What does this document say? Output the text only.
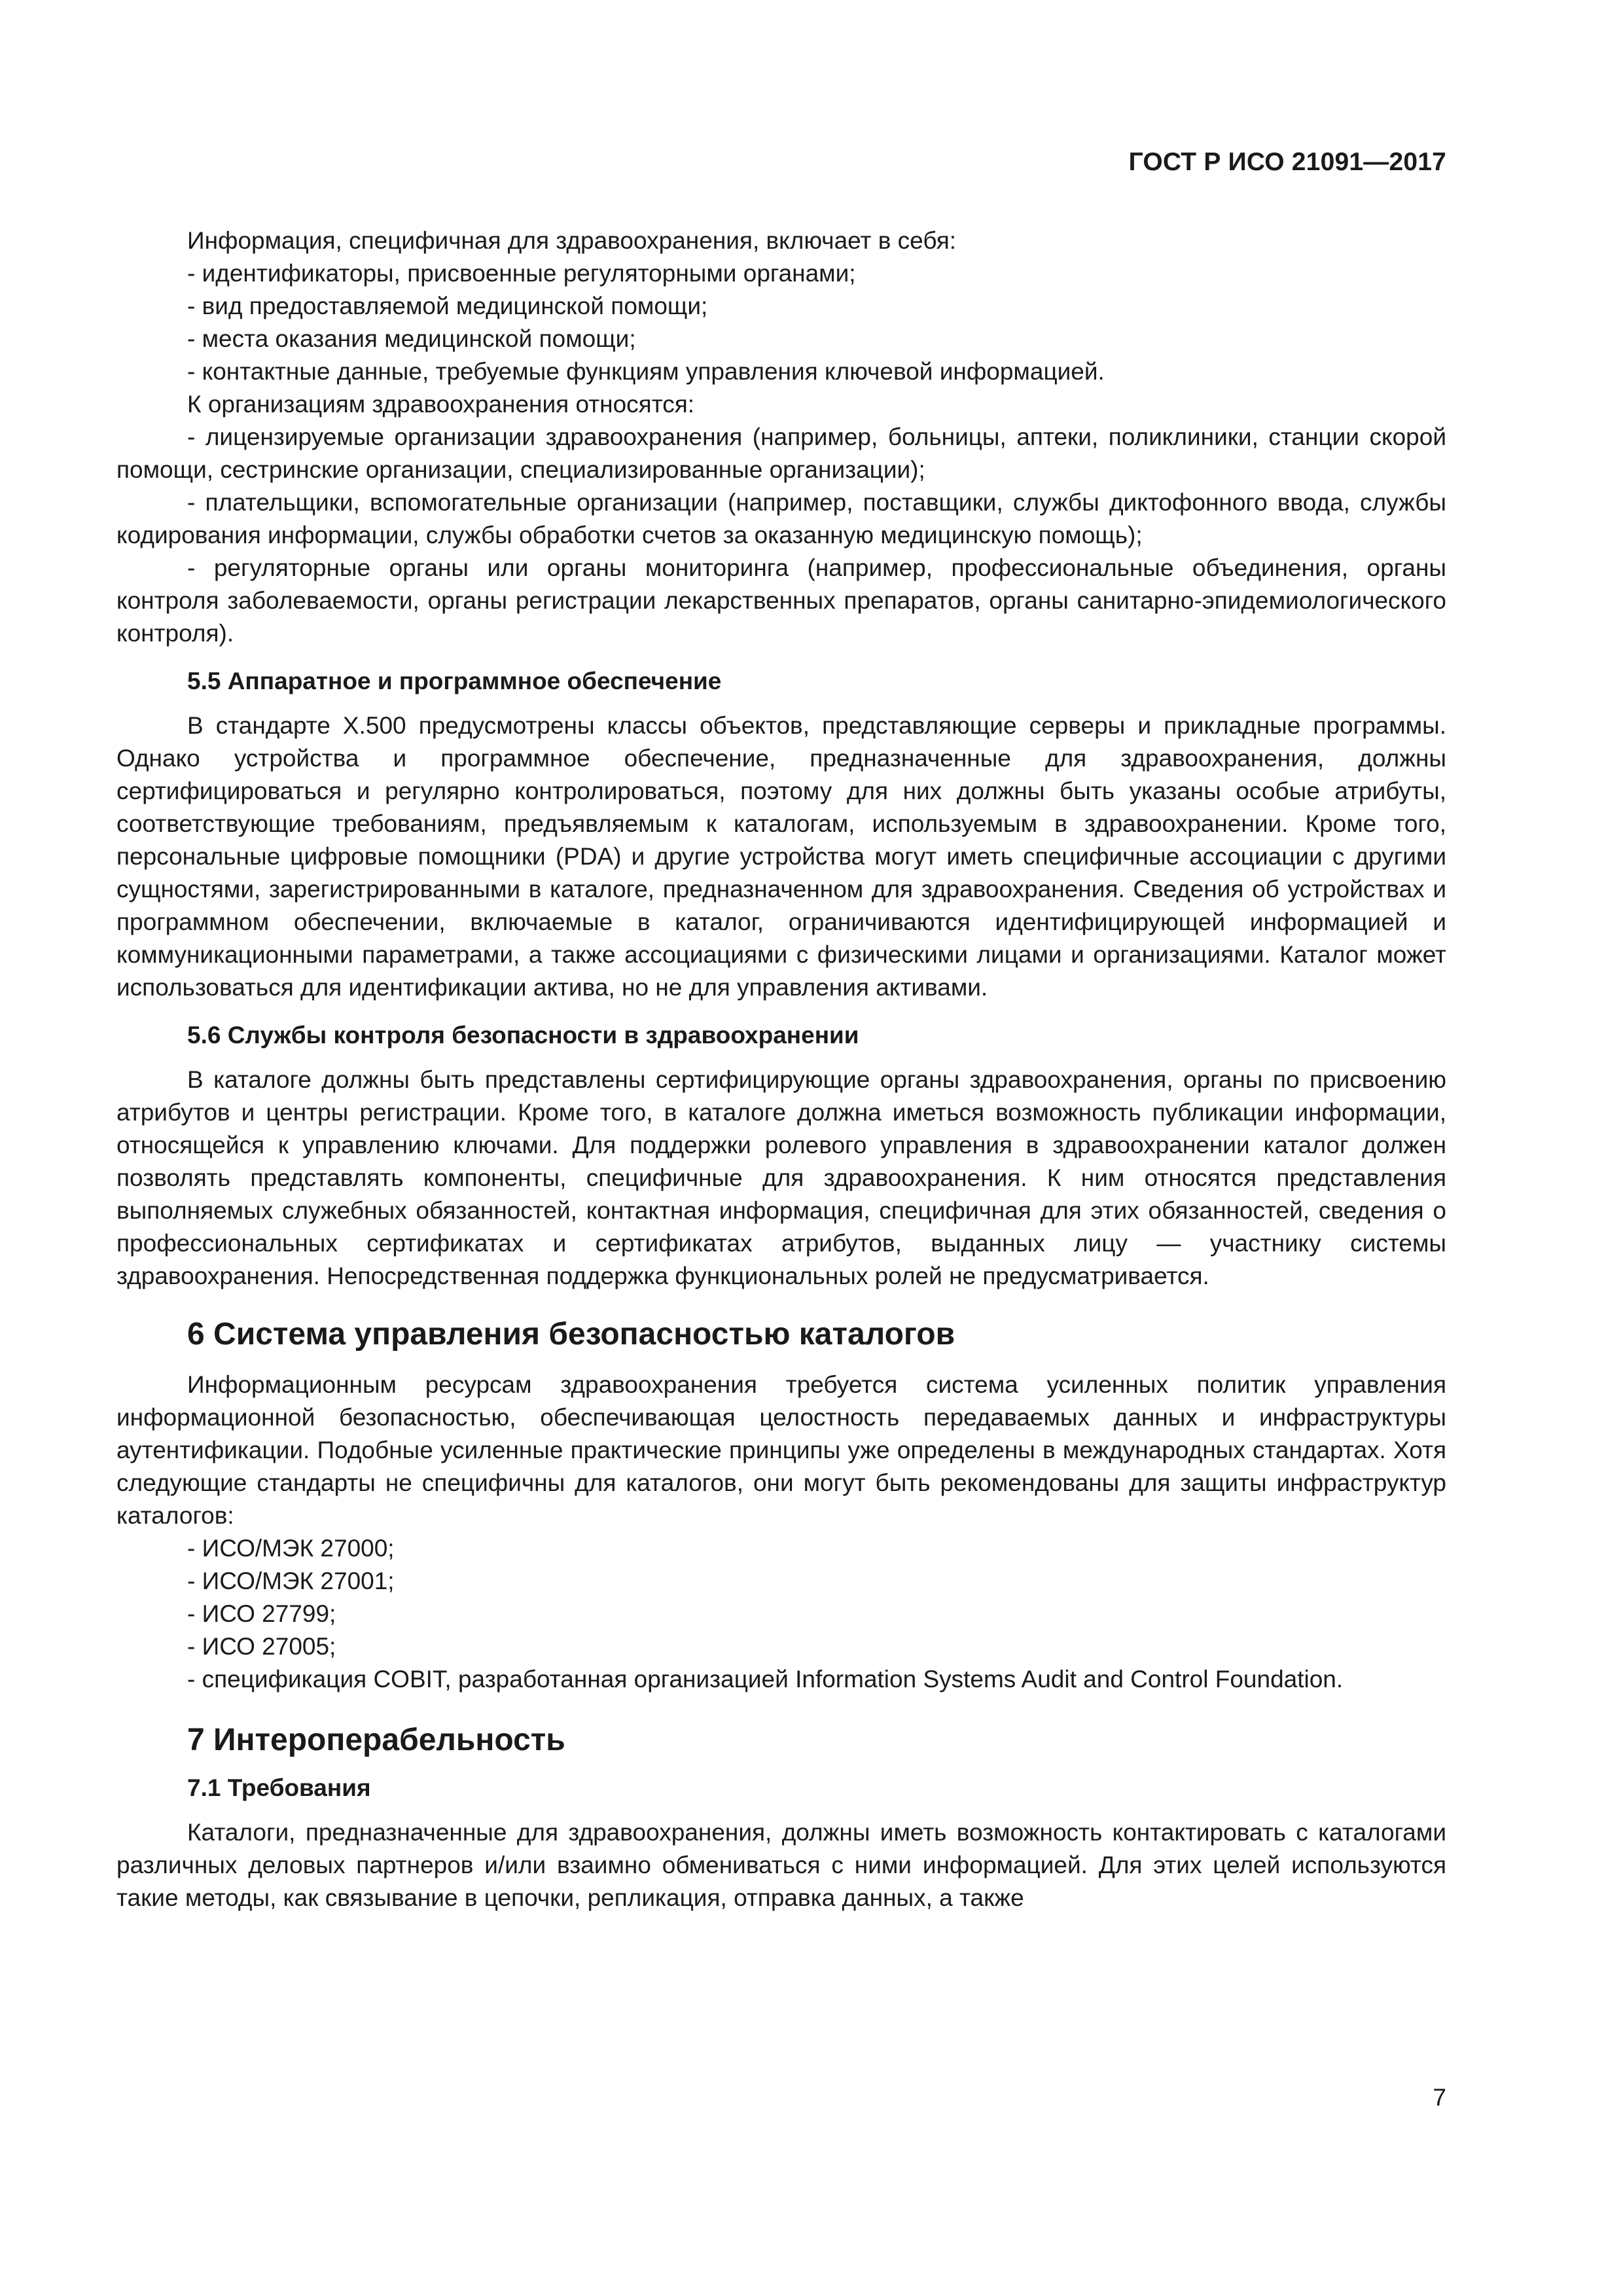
ГОСТ Р ИСО 21091—2017

Информация, специфичная для здравоохранения, включает в себя:

- идентификаторы, присвоенные регуляторными органами;

- вид предоставляемой медицинской помощи;

- места оказания медицинской помощи;

- контактные данные, требуемые функциям управления ключевой информацией.

К организациям здравоохранения относятся:

- лицензируемые организации здравоохранения (например, больницы, аптеки, поликлиники, станции скорой помощи, сестринские организации, специализированные организации);

- плательщики, вспомогательные организации (например, поставщики, службы диктофонного ввода, службы кодирования информации, службы обработки счетов за оказанную медицинскую помощь);

- регуляторные органы или органы мониторинга (например, профессиональные объединения, органы контроля заболеваемости, органы регистрации лекарственных препаратов, органы санитарно-эпидемиологического контроля).

5.5 Аппаратное и программное обеспечение

В стандарте X.500 предусмотрены классы объектов, представляющие серверы и прикладные программы. Однако устройства и программное обеспечение, предназначенные для здравоохранения, должны сертифицироваться и регулярно контролироваться, поэтому для них должны быть указаны особые атрибуты, соответствующие требованиям, предъявляемым к каталогам, используемым в здравоохранении. Кроме того, персональные цифровые помощники (PDA) и другие устройства могут иметь специфичные ассоциации с другими сущностями, зарегистрированными в каталоге, предназначенном для здравоохранения. Сведения об устройствах и программном обеспечении, включаемые в каталог, ограничиваются идентифицирующей информацией и коммуникационными параметрами, а также ассоциациями с физическими лицами и организациями. Каталог может использоваться для идентификации актива, но не для управления активами.

5.6 Службы контроля безопасности в здравоохранении

В каталоге должны быть представлены сертифицирующие органы здравоохранения, органы по присвоению атрибутов и центры регистрации. Кроме того, в каталоге должна иметься возможность публикации информации, относящейся к управлению ключами. Для поддержки ролевого управления в здравоохранении каталог должен позволять представлять компоненты, специфичные для здравоохранения. К ним относятся представления выполняемых служебных обязанностей, контактная информация, специфичная для этих обязанностей, сведения о профессиональных сертификатах и сертификатах атрибутов, выданных лицу — участнику системы здравоохранения. Непосредственная поддержка функциональных ролей не предусматривается.

6 Система управления безопасностью каталогов

Информационным ресурсам здравоохранения требуется система усиленных политик управления информационной безопасностью, обеспечивающая целостность передаваемых данных и инфраструктуры аутентификации. Подобные усиленные практические принципы уже определены в международных стандартах. Хотя следующие стандарты не специфичны для каталогов, они могут быть рекомендованы для защиты инфраструктур каталогов:

- ИСО/МЭК 27000;

- ИСО/МЭК 27001;

- ИСО 27799;

- ИСО 27005;

- спецификация COBIT, разработанная организацией Information Systems Audit and Control Foundation.

7 Интероперабельность
7.1 Требования

Каталоги, предназначенные для здравоохранения, должны иметь возможность контактировать с каталогами различных деловых партнеров и/или взаимно обмениваться с ними информацией. Для этих целей используются такие методы, как связывание в цепочки, репликация, отправка данных, а также

7
